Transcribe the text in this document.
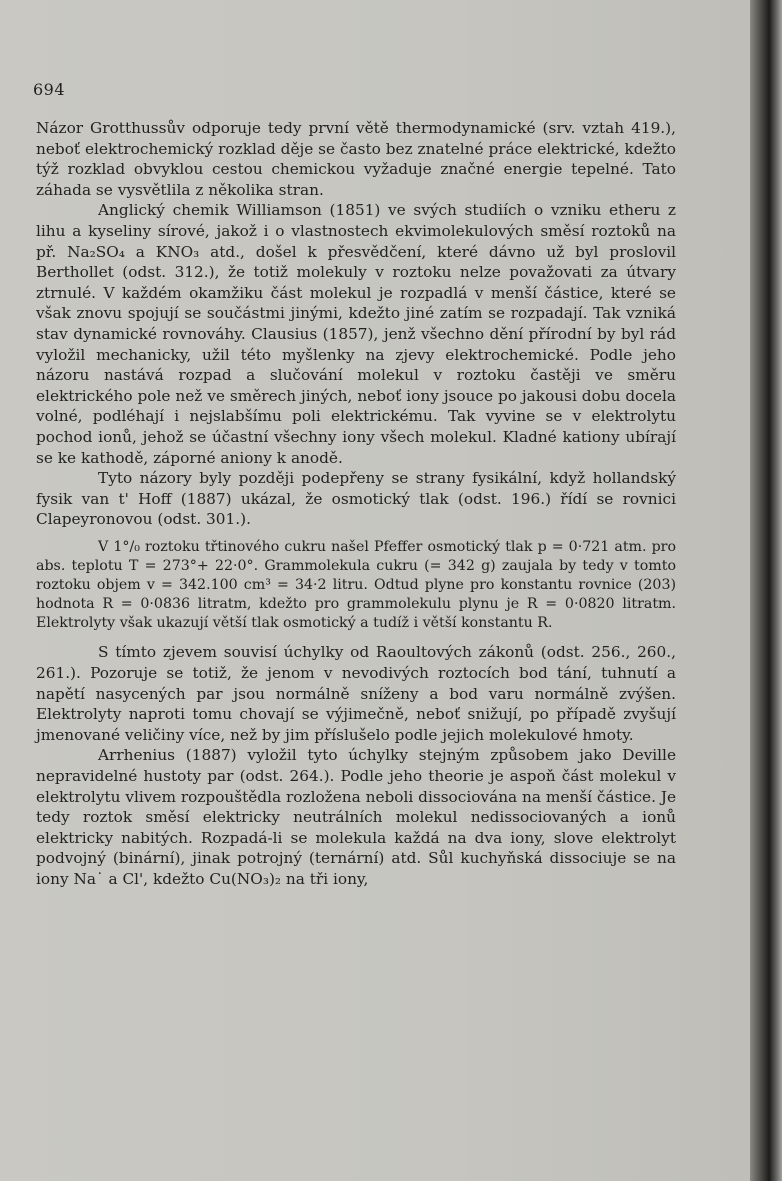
694

Názor Grotthussův odporuje tedy první větě thermodynamické (srv. vztah 419.), neboť elektrochemický rozklad děje se často bez znatelné práce elektrické, kdežto týž rozklad obvyklou cestou chemickou vyžaduje značné energie tepelné. Tato záhada se vysvětlila z několika stran.

Anglický chemik Williamson (1851) ve svých studiích o vzniku etheru z lihu a kyseliny sírové, jakož i o vlastnostech ekvimolekulových směsí roztoků na př. Na₂SO₄ a KNO₃ atd., došel k přesvědčení, které dávno už byl proslovil Berthollet (odst. 312.), že totiž molekuly v roztoku nelze považovati za útvary ztrnulé. V každém okamžiku část molekul je rozpadlá v menší částice, které se však znovu spojují se součástmi jinými, kdežto jiné zatím se rozpadají. Tak vzniká stav dynamické rovnováhy. Clausius (1857), jenž všechno dění přírodní by byl rád vyložil mechanicky, užil této myšlenky na zjevy elektrochemické. Podle jeho názoru nastává rozpad a slučování molekul v roztoku častěji ve směru elektrického pole než ve směrech jiných, neboť iony jsouce po jakousi dobu docela volné, podléhají i nejslabšímu poli elektrickému. Tak vyvine se v elektrolytu pochod ionů, jehož se účastní všechny iony všech molekul. Kladné kationy ubírají se ke kathodě, záporné aniony k anodě.

Tyto názory byly později podepřeny se strany fysikální, když hollandský fysik van t' Hoff (1887) ukázal, že osmotický tlak (odst. 196.) řídí se rovnici Clapeyronovou (odst. 301.).

V 1°/₀ roztoku třtinového cukru našel Pfeffer osmotický tlak p = 0·721 atm. pro abs. teplotu T = 273°+ 22·0°. Grammolekula cukru (= 342 g) zaujala by tedy v tomto roztoku objem v = 342.100 cm³ = 34·2 litru. Odtud plyne pro konstantu rovnice (203) hodnota R = 0·0836 litratm, kdežto pro grammolekulu plynu je R = 0·0820 litratm. Elektrolyty však ukazují větší tlak osmotický a tudíž i větší konstantu R.

S tímto zjevem souvisí úchylky od Raoultových zákonů (odst. 256., 260., 261.). Pozoruje se totiž, že jenom v nevodivých roztocích bod tání, tuhnutí a napětí nasycených par jsou normálně sníženy a bod varu normálně zvýšen. Elektrolyty naproti tomu chovají se výjimečně, neboť snižují, po případě zvyšují jmenované veličiny více, než by jim příslušelo podle jejich molekulové hmoty.

Arrhenius (1887) vyložil tyto úchylky stejným způsobem jako Deville nepravidelné hustoty par (odst. 264.). Podle jeho theorie je aspoň část molekul v elektrolytu vlivem rozpouštědla rozložena neboli dissociována na menší částice. Je tedy roztok směsí elektricky neutrálních molekul nedissociovaných a ionů elektricky nabitých. Rozpadá-li se molekula každá na dva iony, slove elektrolyt podvojný (binární), jinak potrojný (ternární) atd. Sůl kuchyňská dissociuje se na iony Na˙ a Cl', kdežto Cu(NO₃)₂ na tři iony,
